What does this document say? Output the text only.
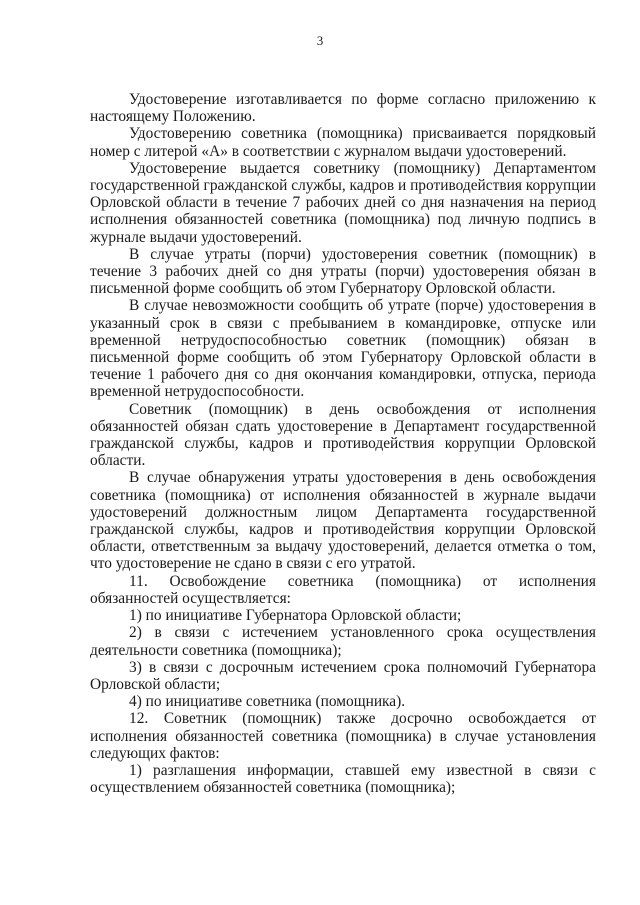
3

Удостоверение изготавливается по форме согласно приложению к настоящему Положению.

Удостоверению советника (помощника) присваивается порядковый номер с литерой «А» в соответствии с журналом выдачи удостоверений.

Удостоверение выдается советнику (помощнику) Департаментом государственной гражданской службы, кадров и противодействия коррупции Орловской области в течение 7 рабочих дней со дня назначения на период исполнения обязанностей советника (помощника) под личную подпись в журнале выдачи удостоверений.

В случае утраты (порчи) удостоверения советник (помощник) в течение 3 рабочих дней со дня утраты (порчи) удостоверения обязан в письменной форме сообщить об этом Губернатору Орловской области.

В случае невозможности сообщить об утрате (порче) удостоверения в указанный срок в связи с пребыванием в командировке, отпуске или временной нетрудоспособностью советник (помощник) обязан в письменной форме сообщить об этом Губернатору Орловской области в течение 1 рабочего дня со дня окончания командировки, отпуска, периода временной нетрудоспособности.

Советник (помощник) в день освобождения от исполнения обязанностей обязан сдать удостоверение в Департамент государственной гражданской службы, кадров и противодействия коррупции Орловской области.

В случае обнаружения утраты удостоверения в день освобождения советника (помощника) от исполнения обязанностей в журнале выдачи удостоверений должностным лицом Департамента государственной гражданской службы, кадров и противодействия коррупции Орловской области, ответственным за выдачу удостоверений, делается отметка о том, что удостоверение не сдано в связи с его утратой.

11. Освобождение советника (помощника) от исполнения обязанностей осуществляется:

1) по инициативе Губернатора Орловской области;

2) в связи с истечением установленного срока осуществления деятельности советника (помощника);

3) в связи с досрочным истечением срока полномочий Губернатора Орловской области;

4) по инициативе советника (помощника).

12. Советник (помощник) также досрочно освобождается от исполнения обязанностей советника (помощника) в случае установления следующих фактов:

1) разглашения информации, ставшей ему известной в связи с осуществлением обязанностей советника (помощника);
